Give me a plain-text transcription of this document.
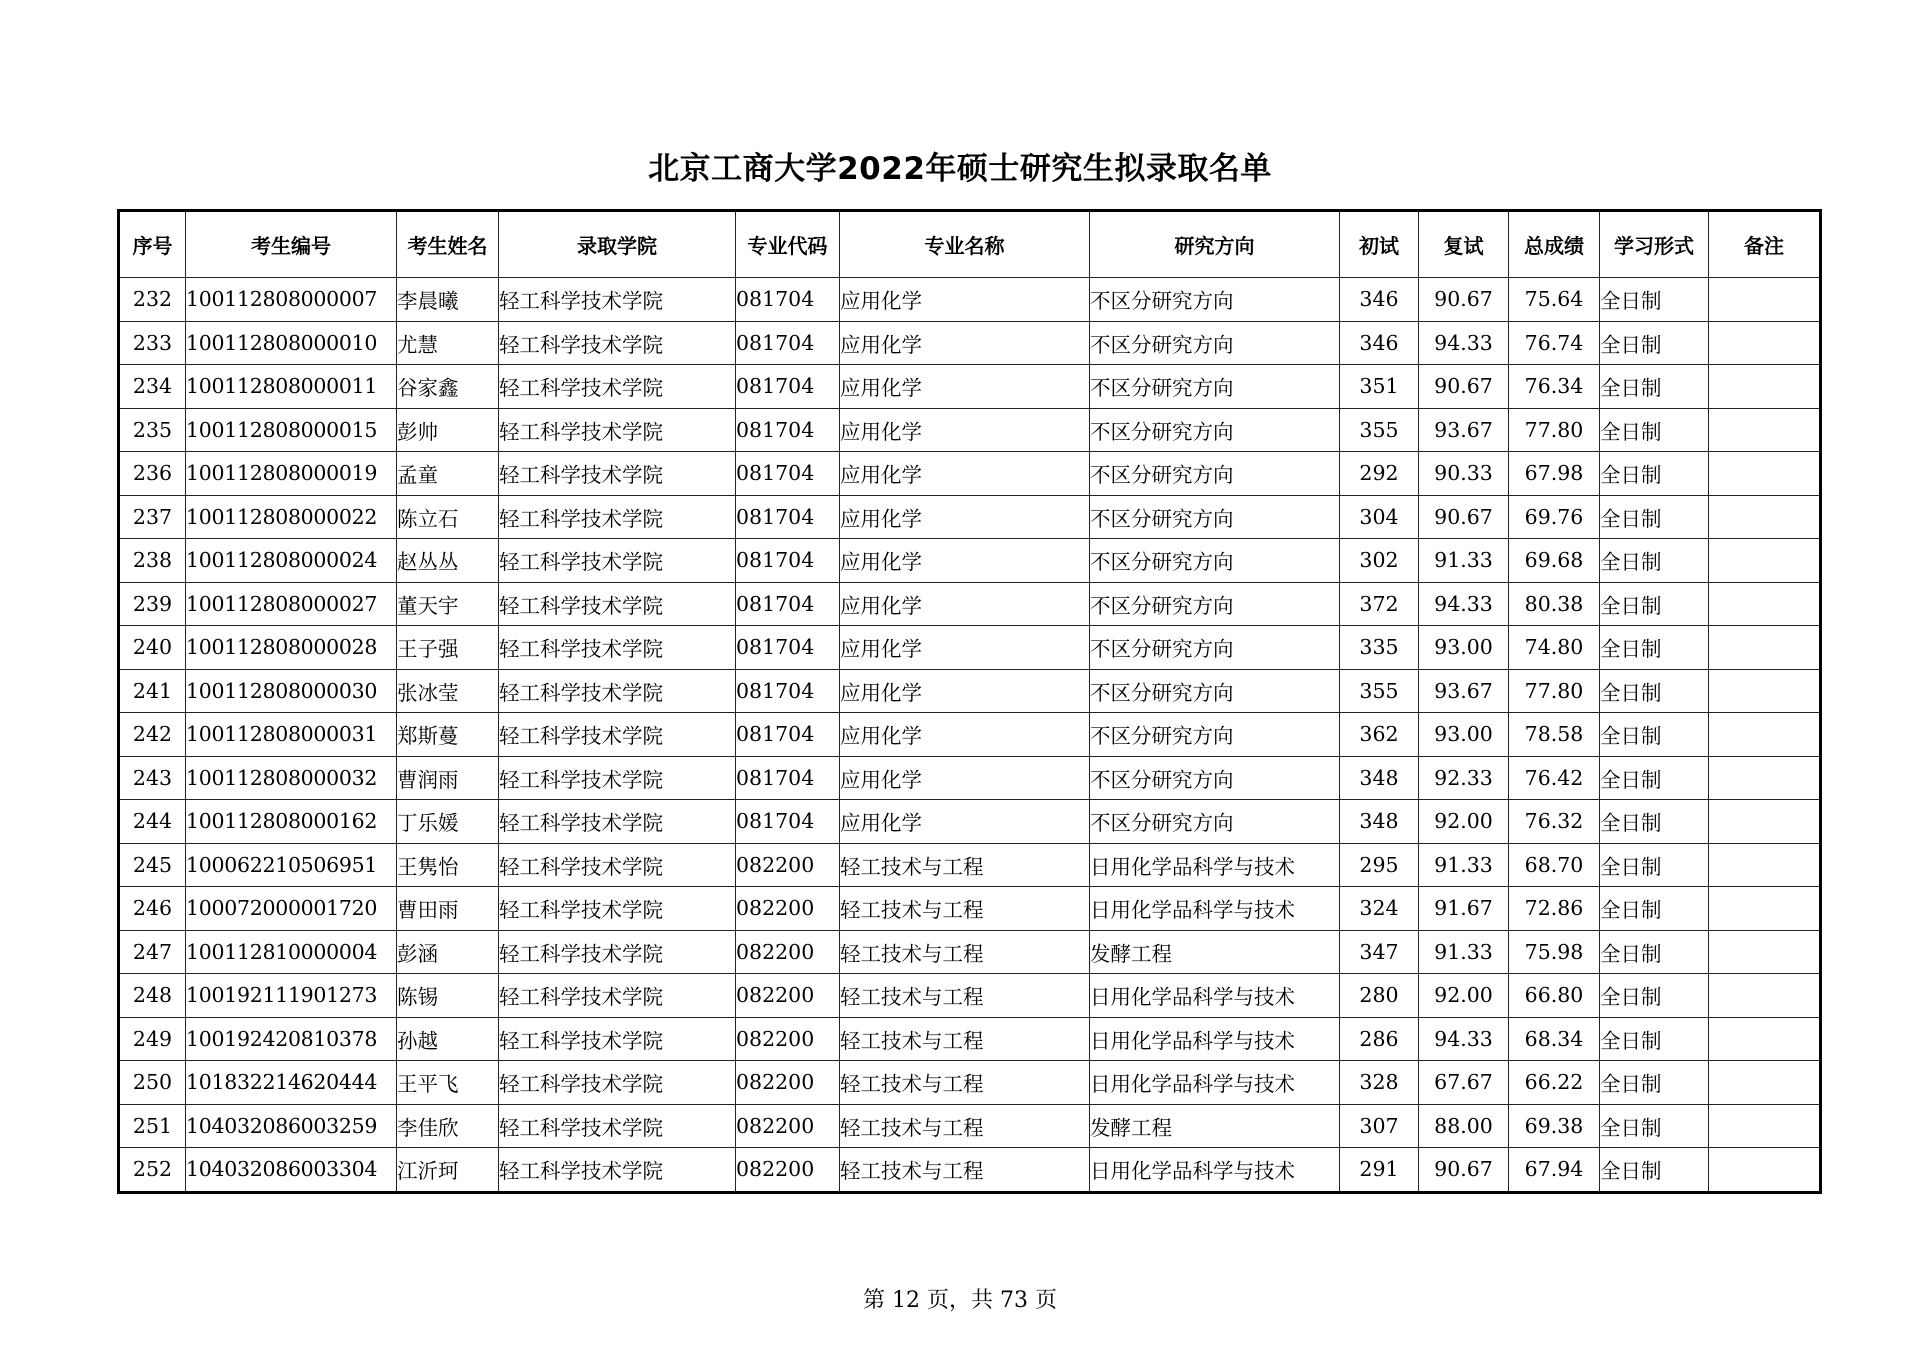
北京工商大学2022年硕士研究生拟录取名单
序号	考生编号	考生姓名	录取学院	专业代码	专业名称	研究方向	初试	复试	总成绩	学习形式	备注
232	100112808000007	李晨曦	轻工科学技术学院	081704	应用化学	不区分研究方向	346	90.67	75.64	全日制	
233	100112808000010	尤慧	轻工科学技术学院	081704	应用化学	不区分研究方向	346	94.33	76.74	全日制	
234	100112808000011	谷家鑫	轻工科学技术学院	081704	应用化学	不区分研究方向	351	90.67	76.34	全日制	
235	100112808000015	彭帅	轻工科学技术学院	081704	应用化学	不区分研究方向	355	93.67	77.80	全日制	
236	100112808000019	孟童	轻工科学技术学院	081704	应用化学	不区分研究方向	292	90.33	67.98	全日制	
237	100112808000022	陈立石	轻工科学技术学院	081704	应用化学	不区分研究方向	304	90.67	69.76	全日制	
238	100112808000024	赵丛丛	轻工科学技术学院	081704	应用化学	不区分研究方向	302	91.33	69.68	全日制	
239	100112808000027	董天宇	轻工科学技术学院	081704	应用化学	不区分研究方向	372	94.33	80.38	全日制	
240	100112808000028	王子强	轻工科学技术学院	081704	应用化学	不区分研究方向	335	93.00	74.80	全日制	
241	100112808000030	张冰莹	轻工科学技术学院	081704	应用化学	不区分研究方向	355	93.67	77.80	全日制	
242	100112808000031	郑斯蔓	轻工科学技术学院	081704	应用化学	不区分研究方向	362	93.00	78.58	全日制	
243	100112808000032	曹润雨	轻工科学技术学院	081704	应用化学	不区分研究方向	348	92.33	76.42	全日制	
244	100112808000162	丁乐媛	轻工科学技术学院	081704	应用化学	不区分研究方向	348	92.00	76.32	全日制	
245	100062210506951	王隽怡	轻工科学技术学院	082200	轻工技术与工程	日用化学品科学与技术	295	91.33	68.70	全日制	
246	100072000001720	曹田雨	轻工科学技术学院	082200	轻工技术与工程	日用化学品科学与技术	324	91.67	72.86	全日制	
247	100112810000004	彭涵	轻工科学技术学院	082200	轻工技术与工程	发酵工程	347	91.33	75.98	全日制	
248	100192111901273	陈锡	轻工科学技术学院	082200	轻工技术与工程	日用化学品科学与技术	280	92.00	66.80	全日制	
249	100192420810378	孙越	轻工科学技术学院	082200	轻工技术与工程	日用化学品科学与技术	286	94.33	68.34	全日制	
250	101832214620444	王平飞	轻工科学技术学院	082200	轻工技术与工程	日用化学品科学与技术	328	67.67	66.22	全日制	
251	104032086003259	李佳欣	轻工科学技术学院	082200	轻工技术与工程	发酵工程	307	88.00	69.38	全日制	
252	104032086003304	江沂珂	轻工科学技术学院	082200	轻工技术与工程	日用化学品科学与技术	291	90.67	67.94	全日制	
第 12 页，共 73 页
